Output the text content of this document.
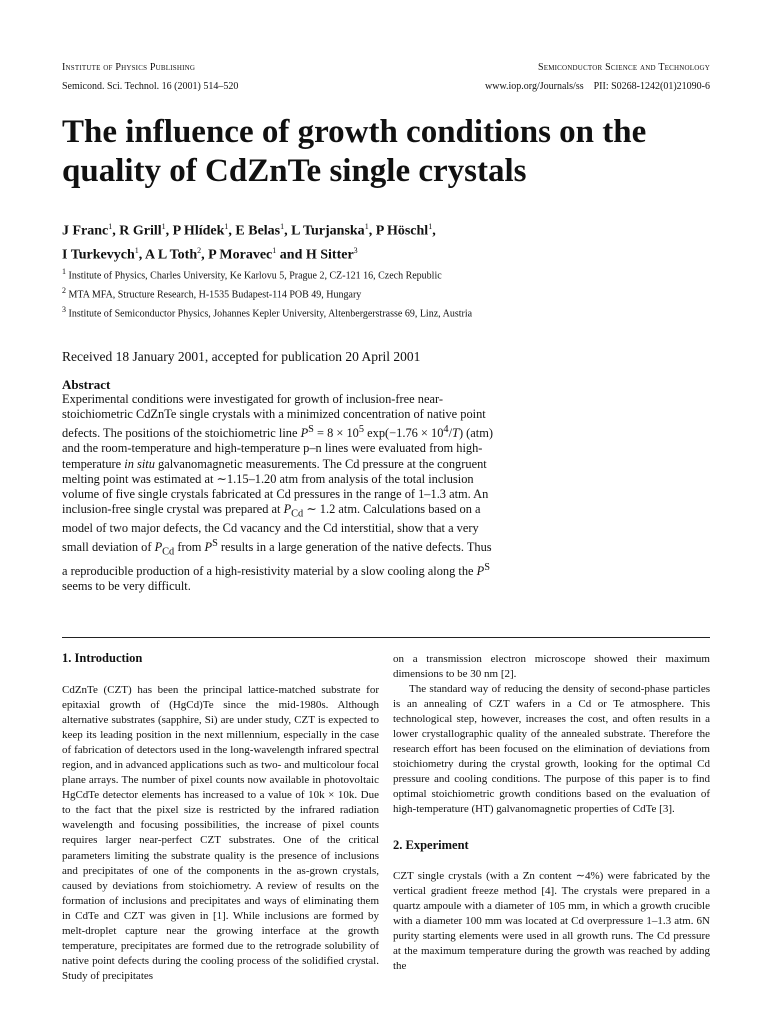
Institute of Physics Publishing	Semiconductor Science and Technology
Semicond. Sci. Technol. 16 (2001) 514–520	www.iop.org/Journals/ss    PII: S0268-1242(01)21090-6
The influence of growth conditions on the quality of CdZnTe single crystals
J Franc$^1$, R Grill$^1$, P Hlídek$^1$, E Belas$^1$, L Turjanska$^1$, P Höschl$^1$,
I Turkevych$^1$, A L Toth$^2$, P Moravec$^1$ and H Sitter$^3$

$^1$ Institute of Physics, Charles University, Ke Karlovu 5, Prague 2, CZ-121 16, Czech Republic

$^2$ MTA MFA, Structure Research, H-1535 Budapest-114 POB 49, Hungary

$^3$ Institute of Semiconductor Physics, Johannes Kepler University, Altenbergerstrasse 69, Linz, Austria

Received 18 January 2001, accepted for publication 20 April 2001
Abstract

Experimental conditions were investigated for growth of inclusion-free near-stoichiometric CdZnTe single crystals with a minimized concentration of native point defects. The positions of the stoichiometric line $P^S = 8 \times 10^5$ $\exp(-1.76 \times 10^4/T)$ (atm) and the room-temperature and high-temperature p–n lines were evaluated from high-temperature in situ galvanomagnetic measurements. The Cd pressure at the congruent melting point was estimated at ∼1.15–1.20 atm from analysis of the total inclusion volume of five single crystals fabricated at Cd pressures in the range of 1–1.3 atm. An inclusion-free single crystal was prepared at $P_{Cd}$ ∼ 1.2 atm. Calculations based on a model of two major defects, the Cd vacancy and the Cd interstitial, show that a very small deviation of $P_{Cd}$ from $P^S$ results in a large generation of the native defects. Thus a reproducible production of a high-resistivity material by a slow cooling along the $P^S$ seems to be very difficult.

1. Introduction

CdZnTe (CZT) has been the principal lattice-matched substrate for epitaxial growth of (HgCd)Te since the mid-1980s. Although alternative substrates (sapphire, Si) are under study, CZT is expected to keep its leading position in the next millennium, especially in the case of fabrication of detectors used in the long-wavelength infrared spectral region, and in advanced applications such as two- and multicolour focal plane arrays. The number of pixel counts now available in photovoltaic HgCdTe detector elements has increased to a value of 10k × 10k. Due to the fact that the pixel size is restricted by the infrared radiation wavelength and focusing possibilities, the increase of pixel counts requires larger near-perfect CZT substrates. One of the critical parameters limiting the substrate quality is the presence of inclusions and precipitates of one of the components in the as-grown crystals, caused by deviations from stoichiometry. A review of results on the formation of inclusions and precipitates and ways of eliminating them in CdTe and CZT was given in [1]. While inclusions are formed by melt-droplet capture near the growing interface at the growth temperature, precipitates are formed due to the retrograde solubility of native point defects during the cooling process of the solidified crystal. Study of precipitates

on a transmission electron microscope showed their maximum dimensions to be 30 nm [2].

The standard way of reducing the density of second-phase particles is an annealing of CZT wafers in a Cd or Te atmosphere. This technological step, however, increases the cost, and often results in a lower crystallographic quality of the annealed substrate. Therefore the research effort has been focused on the elimination of deviations from stoichiometry during the crystal growth, looking for the optimal Cd pressure and cooling conditions. The purpose of this paper is to find optimal stoichiometric growth conditions based on the evaluation of high-temperature (HT) galvanomagnetic properties of CdTe [3].

2. Experiment

CZT single crystals (with a Zn content ∼4%) were fabricated by the vertical gradient freeze method [4]. The crystals were prepared in a quartz ampoule with a diameter of 105 mm, in which a growth crucible with a diameter 100 mm was located at Cd overpressure 1–1.3 atm. 6N purity starting elements were used in all growth runs. The Cd pressure at the maximum temperature during the growth was reached by adding the
